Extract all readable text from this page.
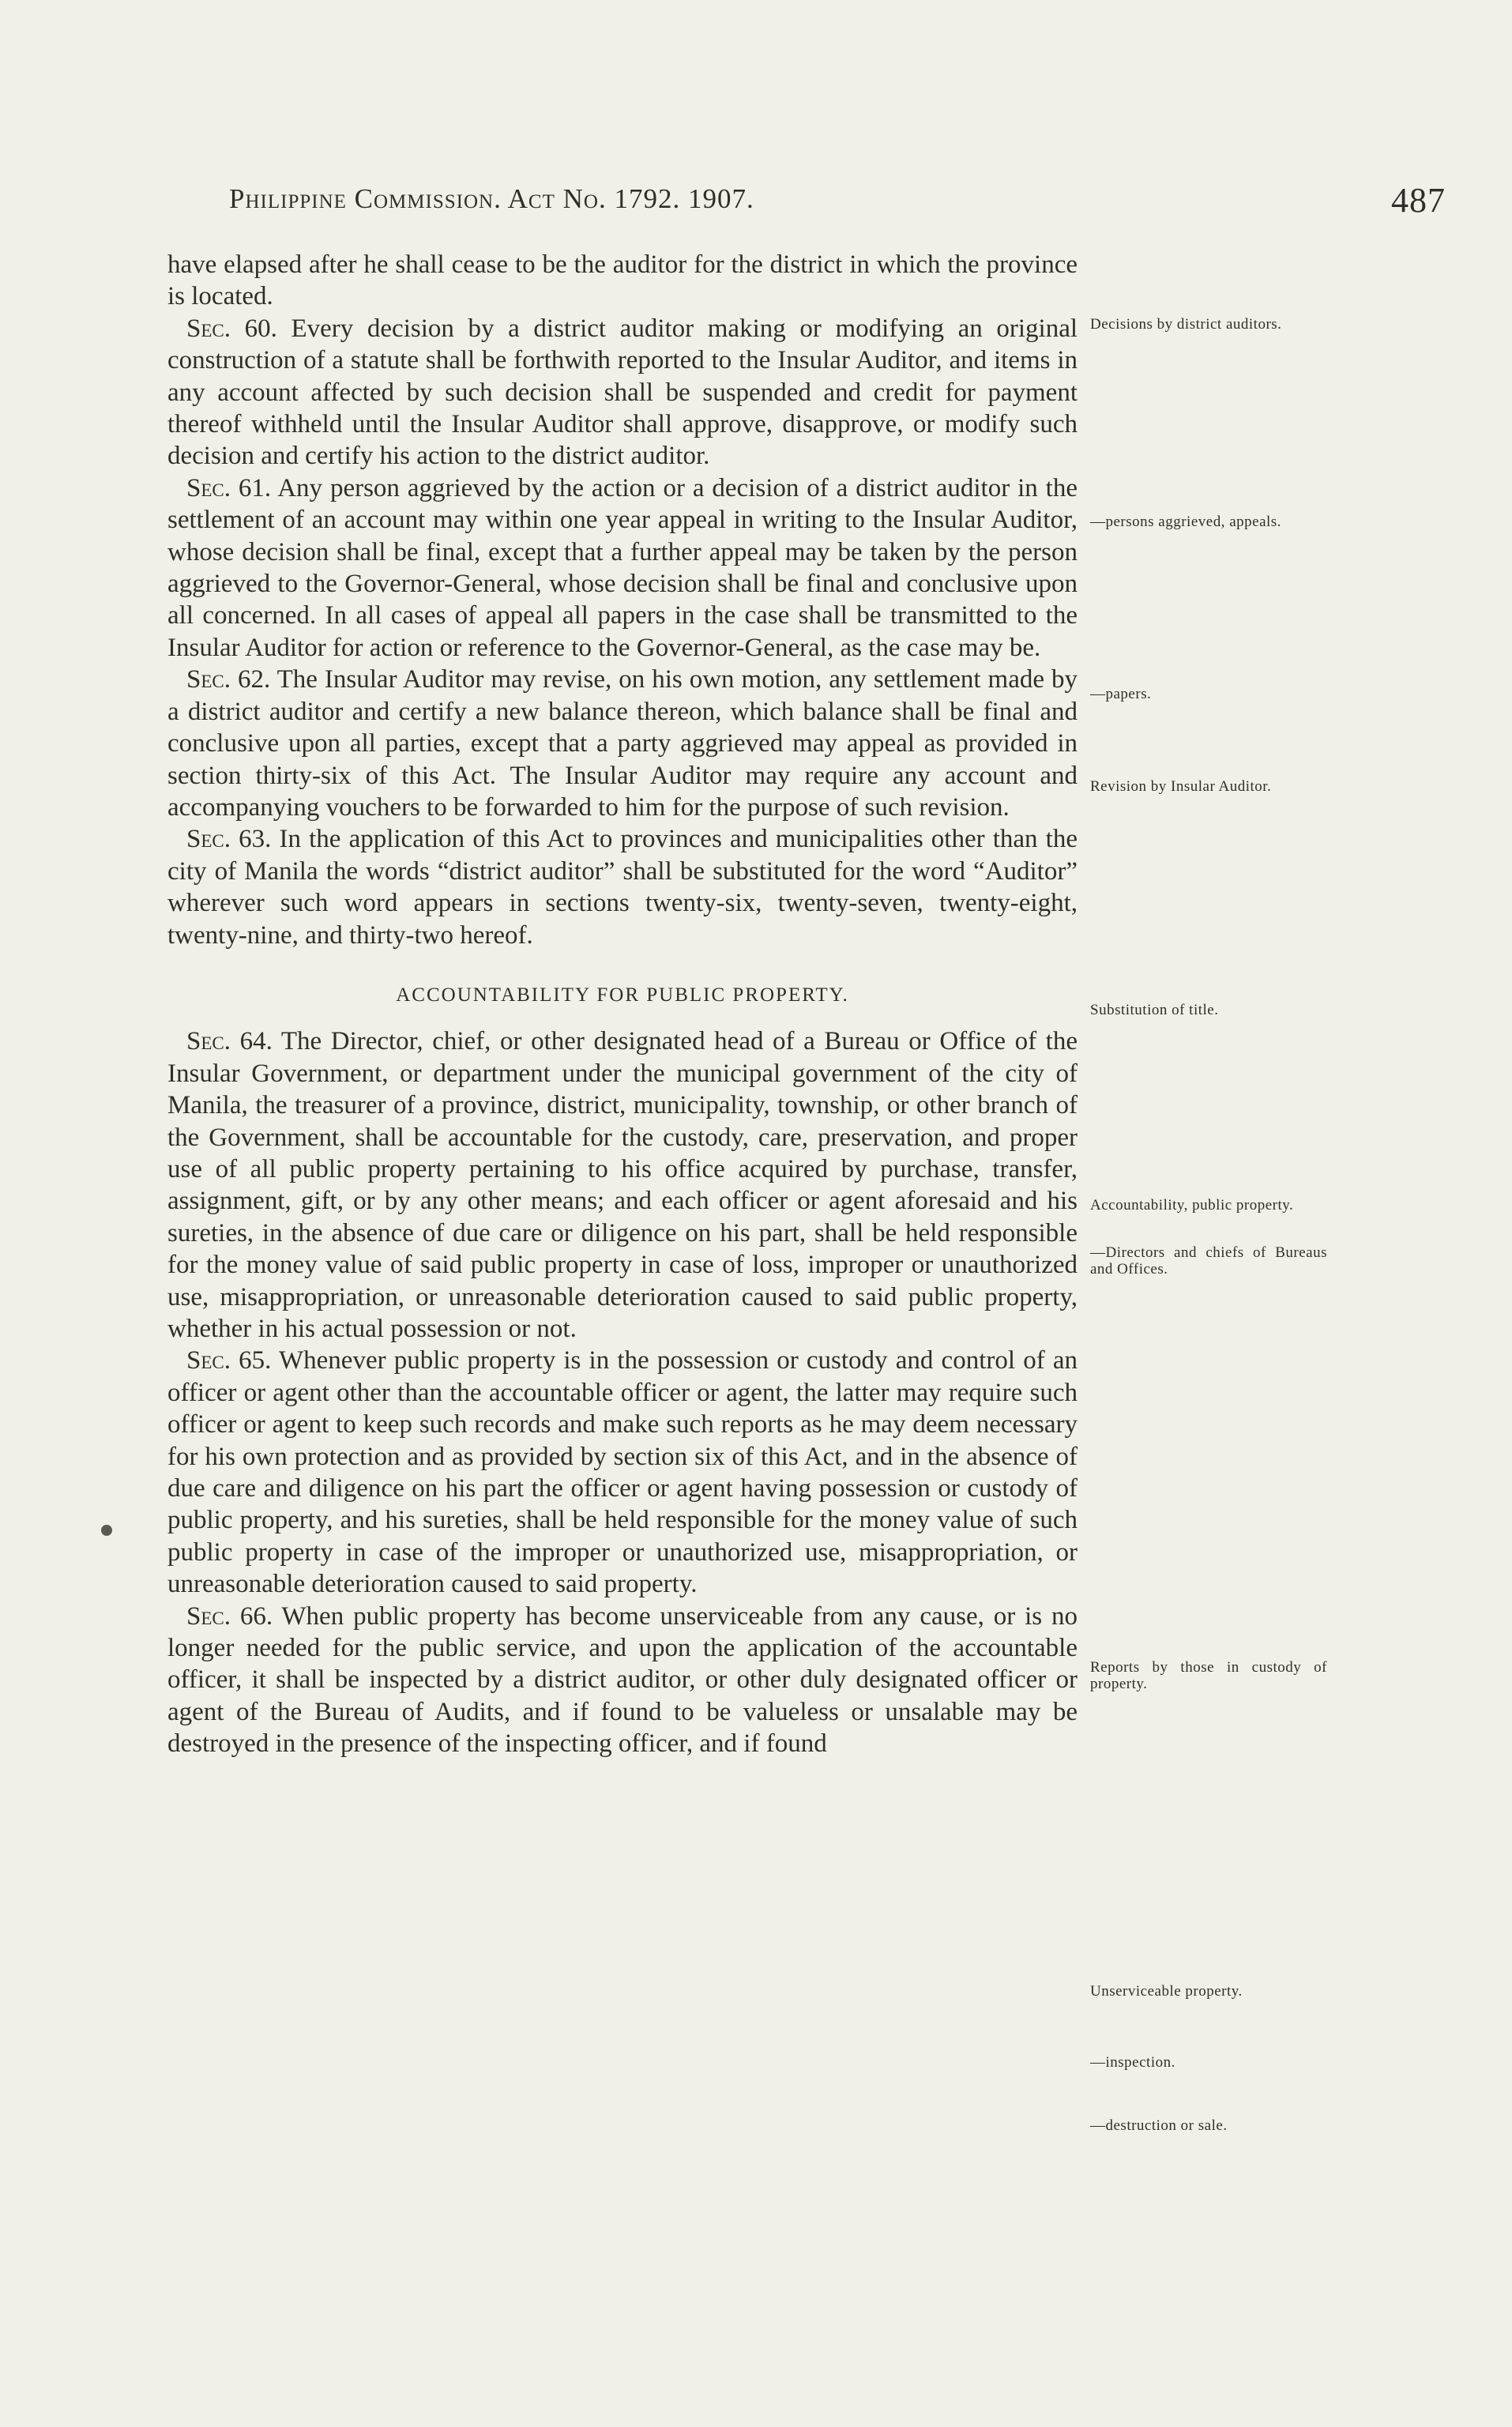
Philippine Commission. Act No. 1792. 1907.	487

have elapsed after he shall cease to be the auditor for the district in which the province is located.

Sec. 60. Every decision by a district auditor making or modifying an original construction of a statute shall be forthwith reported to the Insular Auditor, and items in any account affected by such decision shall be suspended and credit for payment thereof withheld until the Insular Auditor shall approve, disapprove, or modify such decision and certify his action to the district auditor.

Sec. 61. Any person aggrieved by the action or a decision of a district auditor in the settlement of an account may within one year appeal in writing to the Insular Auditor, whose decision shall be final, except that a further appeal may be taken by the person aggrieved to the Governor-General, whose decision shall be final and conclusive upon all concerned. In all cases of appeal all papers in the case shall be transmitted to the Insular Auditor for action or reference to the Governor-General, as the case may be.

Sec. 62. The Insular Auditor may revise, on his own motion, any settlement made by a district auditor and certify a new balance thereon, which balance shall be final and conclusive upon all parties, except that a party aggrieved may appeal as provided in section thirty-six of this Act. The Insular Auditor may require any account and accompanying vouchers to be forwarded to him for the purpose of such revision.

Sec. 63. In the application of this Act to provinces and municipalities other than the city of Manila the words “district auditor” shall be substituted for the word “Auditor” wherever such word appears in sections twenty-six, twenty-seven, twenty-eight, twenty-nine, and thirty-two hereof.

ACCOUNTABILITY FOR PUBLIC PROPERTY.

Sec. 64. The Director, chief, or other designated head of a Bureau or Office of the Insular Government, or department under the municipal government of the city of Manila, the treasurer of a province, district, municipality, township, or other branch of the Government, shall be accountable for the custody, care, preservation, and proper use of all public property pertaining to his office acquired by purchase, transfer, assignment, gift, or by any other means; and each officer or agent aforesaid and his sureties, in the absence of due care or diligence on his part, shall be held responsible for the money value of said public property in case of loss, improper or unauthorized use, misappropriation, or unreasonable deterioration caused to said public property, whether in his actual possession or not.

Sec. 65. Whenever public property is in the possession or custody and control of an officer or agent other than the accountable officer or agent, the latter may require such officer or agent to keep such records and make such reports as he may deem necessary for his own protection and as provided by section six of this Act, and in the absence of due care and diligence on his part the officer or agent having possession or custody of public property, and his sureties, shall be held responsible for the money value of such public property in case of the improper or unauthorized use, misappropriation, or unreasonable deterioration caused to said property.

Sec. 66. When public property has become unserviceable from any cause, or is no longer needed for the public service, and upon the application of the accountable officer, it shall be inspected by a district auditor, or other duly designated officer or agent of the Bureau of Audits, and if found to be valueless or unsalable may be destroyed in the presence of the inspecting officer, and if found

Decisions by district auditors.
—persons aggrieved, appeals.
—papers.
Revision by Insular Auditor.
Substitution of title.
Accountability, public property.
—Directors and chiefs of Bureaus and Offices.
Reports by those in custody of property.
Unserviceable property.
—inspection.
—destruction or sale.
